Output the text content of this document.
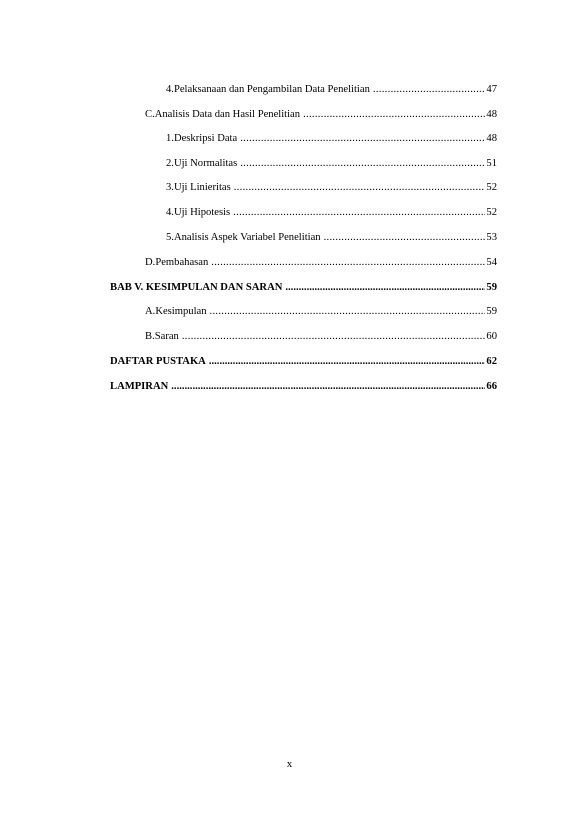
4. Pelaksanaan dan Pengambilan Data Penelitian .....	47
C. Analisis Data dan Hasil Penelitian .....	48
1. Deskripsi Data .....	48
2. Uji Normalitas .....	51
3. Uji Linieritas .....	52
4. Uji Hipotesis .....	52
5. Analisis Aspek Variabel Penelitian .....	53
D. Pembahasan .....	54
BAB V. KESIMPULAN DAN SARAN .....	59
A. Kesimpulan .....	59
B. Saran .....	60
DAFTAR PUSTAKA .....	62
LAMPIRAN .....	66
x
